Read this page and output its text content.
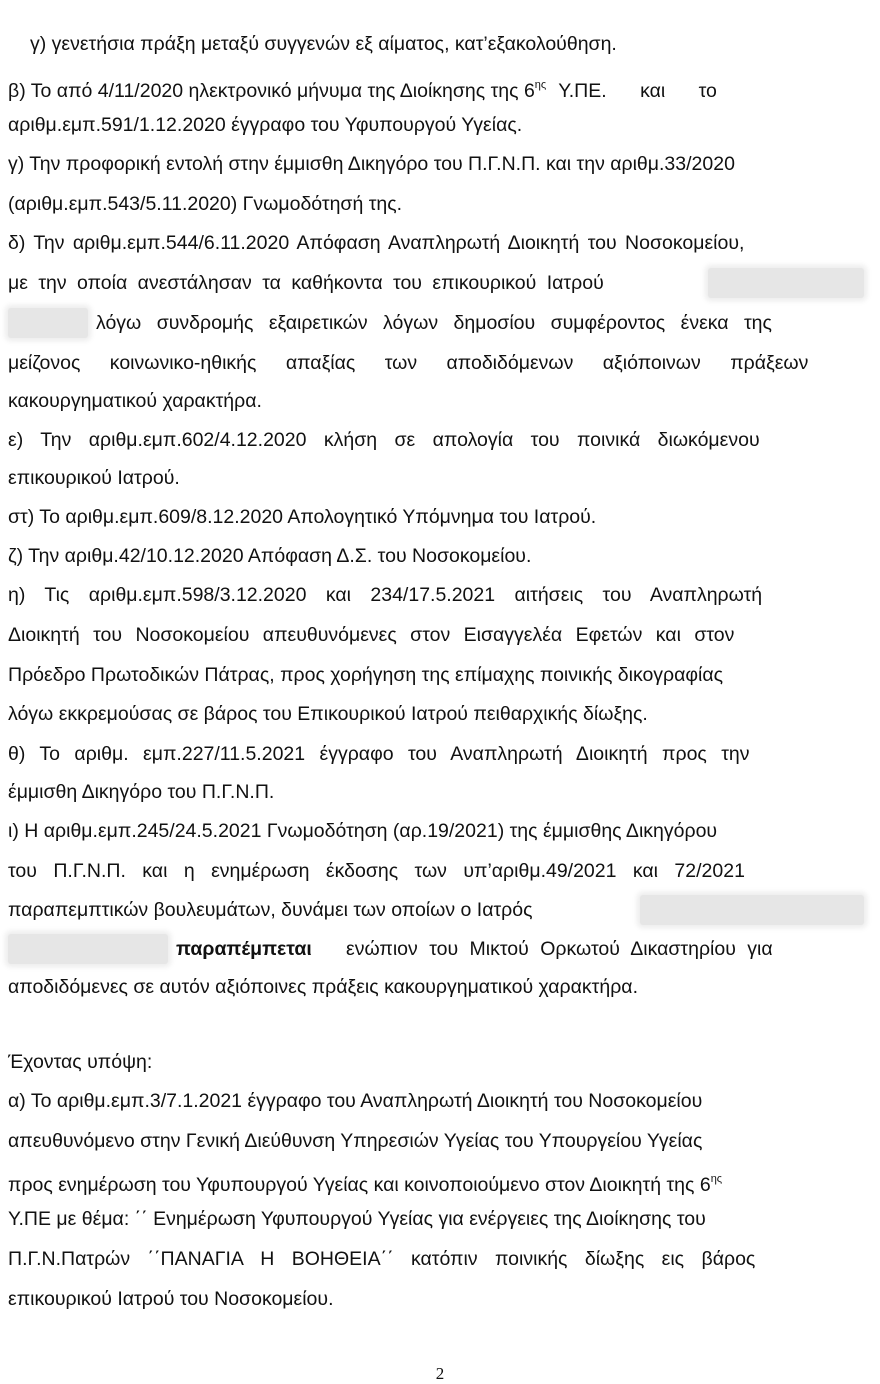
γ) γενετήσια πράξη μεταξύ συγγενών εξ αίματος, κατ’εξακολούθηση.
β) Το από 4/11/2020 ηλεκτρονικό μήνυμα της Διοίκησης της $6^{\eta\varsigma}$ Υ.ΠΕ. και το
αριθμ.εμπ.591/1.12.2020 έγγραφο του Υφυπουργού Υγείας.
γ) Την προφορική εντολή στην έμμισθη Δικηγόρο του Π.Γ.Ν.Π. και την αριθμ.33/2020
(αριθμ.εμπ.543/5.11.2020) Γνωμοδότησή της.
δ) Την αριθμ.εμπ.544/6.11.2020 Απόφαση Αναπληρωτή Διοικητή του Νοσοκομείου,
με την οποία ανεστάλησαν τα καθήκοντα του επικουρικού Ιατρού
λόγω συνδρομής εξαιρετικών λόγων δημοσίου συμφέροντος ένεκα της
μείζονος κοινωνικο-ηθικής απαξίας των αποδιδόμενων αξιόποινων πράξεων
κακουργηματικού χαρακτήρα.
ε) Την αριθμ.εμπ.602/4.12.2020 κλήση σε απολογία του ποινικά διωκόμενου
επικουρικού Ιατρού.
στ) Το αριθμ.εμπ.609/8.12.2020 Απολογητικό Υπόμνημα του Ιατρού.
ζ) Την αριθμ.42/10.12.2020 Απόφαση Δ.Σ. του Νοσοκομείου.
η) Τις αριθμ.εμπ.598/3.12.2020 και 234/17.5.2021 αιτήσεις του Αναπληρωτή
Διοικητή του Νοσοκομείου απευθυνόμενες στον Εισαγγελέα Εφετών και στον
Πρόεδρο Πρωτοδικών Πάτρας, προς χορήγηση της επίμαχης ποινικής δικογραφίας
λόγω εκκρεμούσας σε βάρος του Επικουρικού Ιατρού πειθαρχικής δίωξης.
θ) Το αριθμ. εμπ.227/11.5.2021 έγγραφο του Αναπληρωτή Διοικητή προς την
έμμισθη Δικηγόρο του Π.Γ.Ν.Π.
ι) Η αριθμ.εμπ.245/24.5.2021 Γνωμοδότηση (αρ.19/2021) της έμμισθης Δικηγόρου
του Π.Γ.Ν.Π. και η ενημέρωση έκδοσης των υπ’αριθμ.49/2021 και 72/2021
παραπεμπτικών βουλευμάτων, δυνάμει των οποίων ο Ιατρός
παραπέμπεται ενώπιον του Μικτού Ορκωτού Δικαστηρίου για
αποδιδόμενες σε αυτόν αξιόποινες πράξεις κακουργηματικού χαρακτήρα.
Έχοντας υπόψη:
α) Το αριθμ.εμπ.3/7.1.2021 έγγραφο του Αναπληρωτή Διοικητή του Νοσοκομείου
απευθυνόμενο στην Γενική Διεύθυνση Υπηρεσιών Υγείας του Υπουργείου Υγείας
προς ενημέρωση του Υφυπουργού Υγείας και κοινοποιούμενο στον Διοικητή της $6^{\eta\varsigma}$
Υ.ΠΕ με θέμα: ΄΄ Ενημέρωση Υφυπουργού Υγείας για ενέργειες της Διοίκησης του
Π.Γ.Ν.Πατρών ΄΄ΠΑΝΑΓΙΑ Η ΒΟΗΘΕΙΑ΄΄ κατόπιν ποινικής δίωξης εις βάρος
επικουρικού Ιατρού του Νοσοκομείου.
2
